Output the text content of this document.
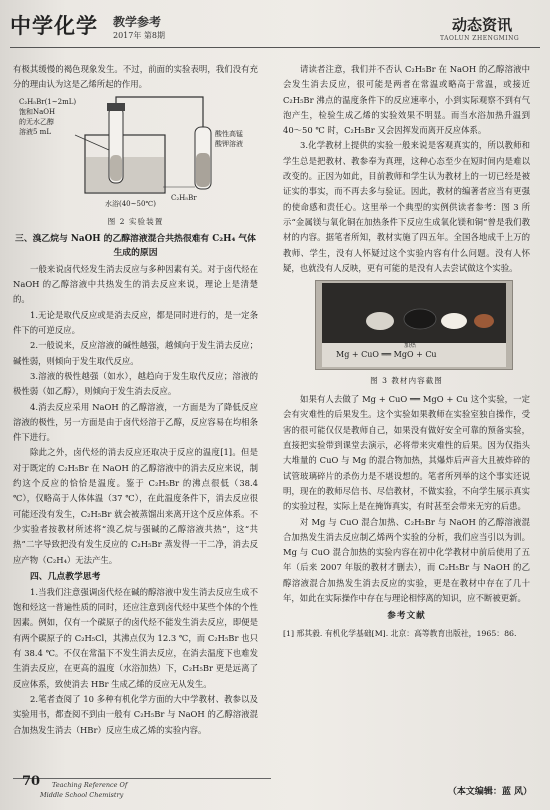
中学化学 教学参考
2017年 第8期
动态资讯
TAOLUN ZHENGMING

有极其缓慢的褐色现象发生。不过，前面的实验表明，我们没有充分的理由认为这是乙烯所起的作用。

C₂H₅Br(1~2mL)
饱和NaOH
的无水乙醇
溶液5 mL	酸性高锰
酸钾溶液
C₂H₅Br
水浴(40~50℃)
图 2 实验装置
三、溴乙烷与 NaOH 的乙醇溶液混合共热很难有 C₂H₄ 气体生成的原因

一般来说卤代烃发生消去反应与多种因素有关。对于卤代烃在 NaOH 的乙醇溶液中共热发生的消去反应来说，理论上是清楚的。

1.无论是取代反应或是消去反应，都是同时进行的，是一定条件下的可逆反应。

2.一般说来，反应溶液的碱性越强，越倾向于发生消去反应；碱性弱，则倾向于发生取代反应。

3.溶液的极性越强（如水），越趋向于发生取代反应；溶液的极性弱（如乙醇），则倾向于发生消去反应。

4.消去反应采用 NaOH 的乙醇溶液，一方面是为了降低反应溶液的极性，另一方面是由于卤代烃溶于乙醇，反应容易在均相条件下进行。

除此之外，卤代烃的消去反应还取决于反应的温度[1]。但是对于既定的 C₂H₅Br 在 NaOH 的乙醇溶液中的消去反应来说，制约这个反应的恰恰是温度。鉴于 C₂H₅Br 的沸点很低（38.4 ℃），仅略高于人体体温（37 ℃），在此温度条件下，消去反应很可能还没有发生，C₂H₅Br 就会被蒸馏出来离开这个反应体系。不少实验者按教材所述将“溴乙烷与强碱的乙醇溶液共热”，这“共热”二字导致把没有发生反应的 C₂H₅Br 蒸发得一干二净，消去反应产物（C₂H₄）无法产生。

四、几点教学思考

1.当我们注意强调卤代烃在碱的醇溶液中发生消去反应生成不饱和烃这一普遍性质的同时，还应注意到卤代烃中某些个体的个性因素。例如，仅有一个碳原子的卤代烃不能发生消去反应，即便是有两个碳原子的 C₂H₅Cl，其沸点仅为 12.3 ℃，而 C₂H₅Br 也只有 38.4 ℃。不仅在常温下不发生消去反应，在消去温度下也难发生消去反应，在更高的温度（水浴加热）下，C₂H₅Br 更是远离了反应体系，致使消去 HBr 生成乙烯的反应无从发生。

2.笔者查阅了 10 多种有机化学方面的大中学教材、教参以及实验用书，都查阅不到由一般有 C₂H₅Br 与 NaOH 的乙醇溶液混合加热发生消去（HBr）反应生成乙烯的实验内容。

请读者注意，我们并不否认 C₂H₅Br 在 NaOH 的乙醇溶液中会发生消去反应，很可能是两者在常温或略高于常温，或接近 C₂H₅Br 沸点的温度条件下的反应速率小，小到实际观察不到有气泡产生，检验生成乙烯的实验效果不明显。而当水浴加热升温到 40～50 ℃ 时，C₂H₅Br 又会因挥发而离开反应体系。

3.化学教材上提供的实验一般来说是客观真实的，所以教师和学生总是把教材、教参奉为真理，这种心态至少在短时间内是难以改变的。正因为如此，目前教师和学生认为教材上的一切已经是被证实的事实，而不再去多与验证。因此，教材的编著者应当有更强的使命感和责任心。这里举一个典型的实例供读者参考：图 3 所示“金属镁与氧化铜在加热条件下反应生成氧化镁和铜”曾是我们教材的内容。据笔者所知，教材实施了四五年。全国各地成千上万的教师、学生，没有人怀疑过这个实验内容有什么问题。没有人怀疑，也就没有人反映，更有可能的是没有人去尝试做这个实验。

Mg + CuO ══ MgO + Cu
加热
图 3 教材内容截图

如果有人去做了 Mg + CuO ══ MgO + Cu 这个实验，一定会有灾难性的后果发生。这个实验如果教师在实验室独自操作，受害的很可能仅仅是教师自己，如果没有做好安全可靠的预备实验，直接把实验带到课堂去演示，必将带来灾难性的后果。因为仅指头大堆量的 CuO 与 Mg 的混合物加热，其爆炸后声音大且被炸碎的试管玻璃碎片的杀伤力是不堪设想的。笔者所列举的这个事实还说明，现在的教师尽信书、尽信教材，不做实验，不向学生展示真实的实验过程，实际上是在掩饰真实，有时甚至会带来无穷的后患。

对 Mg 与 CuO 混合加热、C₂H₅Br 与 NaOH 的乙醇溶液混合加热发生消去反应制乙烯两个实验的分析，我们应当引以为训。Mg 与 CuO 混合加热的实验内容在初中化学教材中前后使用了五年（后来 2007 年版的教材才删去），而 C₂H₅Br 与 NaOH 的乙醇溶液混合加热发生消去反应的实验，更是在教材中存在了几十年，如此在实际操作中存在与理论相悖离的知识，应不断被更新。

参考文献

[1] 邢其毅. 有机化学基础[M]. 北京：高等教育出版社，1965：86.

70 Teaching Reference Of
Middle School Chemistry	（本文编辑：蓝 风）
